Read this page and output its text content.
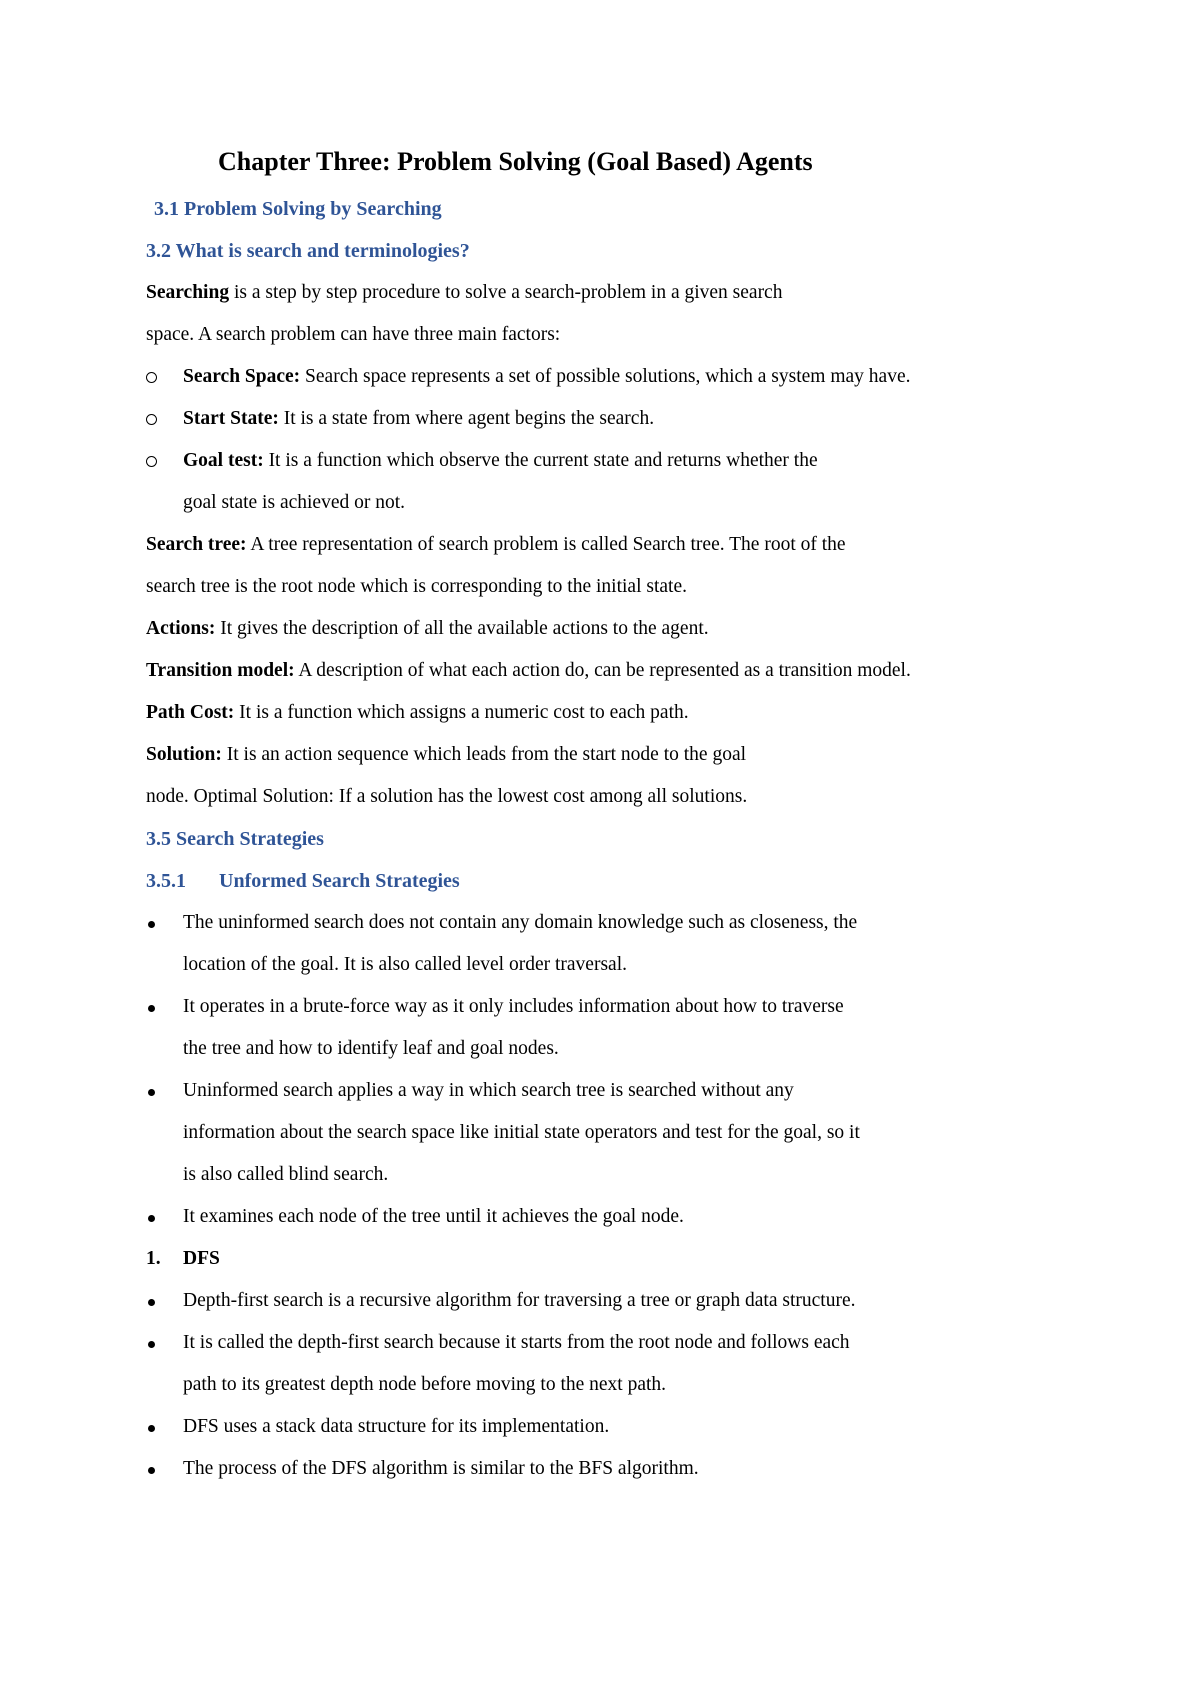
Chapter Three: Problem Solving (Goal Based) Agents
3.1 Problem Solving by Searching
3.2 What is search and terminologies?
Searching is a step by step procedure to solve a search-problem in a given search
space. A search problem can have three main factors:
Search Space: Search space represents a set of possible solutions, which a system may have.
Start State: It is a state from where agent begins the search.
Goal test: It is a function which observe the current state and returns whether the
goal state is achieved or not.
Search tree: A tree representation of search problem is called Search tree. The root of the
search tree is the root node which is corresponding to the initial state.
Actions: It gives the description of all the available actions to the agent.
Transition model: A description of what each action do, can be represented as a transition model.
Path Cost: It is a function which assigns a numeric cost to each path.
Solution: It is an action sequence which leads from the start node to the goal
node. Optimal Solution: If a solution has the lowest cost among all solutions.
3.5 Search Strategies
3.5.1 Unformed Search Strategies
The uninformed search does not contain any domain knowledge such as closeness, the
location of the goal. It is also called level order traversal.
It operates in a brute-force way as it only includes information about how to traverse
the tree and how to identify leaf and goal nodes.
Uninformed search applies a way in which search tree is searched without any
information about the search space like initial state operators and test for the goal, so it
is also called blind search.
It examines each node of the tree until it achieves the goal node.
1. DFS
Depth-first search is a recursive algorithm for traversing a tree or graph data structure.
It is called the depth-first search because it starts from the root node and follows each
path to its greatest depth node before moving to the next path.
DFS uses a stack data structure for its implementation.
The process of the DFS algorithm is similar to the BFS algorithm.
